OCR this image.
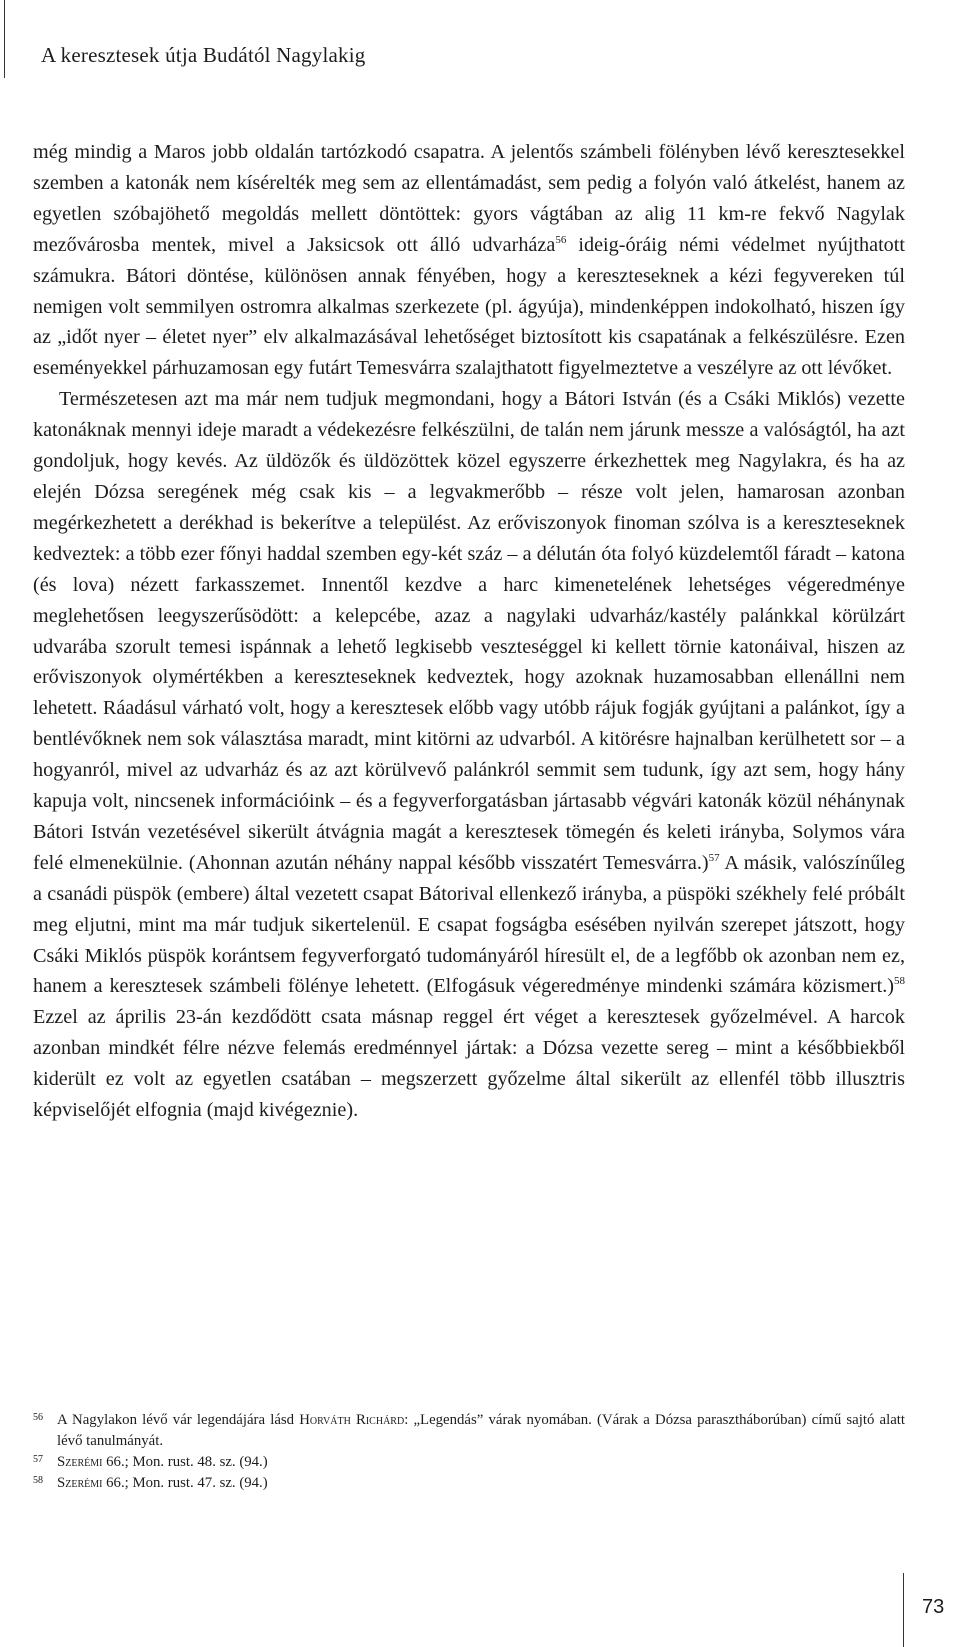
A keresztesek útja Budától Nagylakig

még mindig a Maros jobb oldalán tartózkodó csapatra. A jelentős számbeli fölényben lévő keresztesekkel szemben a katonák nem kísérelték meg sem az ellentámadást, sem pedig a folyón való átkelést, hanem az egyetlen szóbajöhető megoldás mellett döntöttek: gyors vágtában az alig 11 km-re fekvő Nagylak mezővárosba mentek, mivel a Jaksicsok ott álló udvarháza$^{56}$ ideig-óráig némi védelmet nyújthatott számukra. Bátori döntése, különösen annak fényében, hogy a kereszteseknek a kézi fegyvereken túl nemigen volt semmilyen ostromra alkalmas szerkezete (pl. ágyúja), mindenképpen indokolható, hiszen így az „időt nyer – életet nyer” elv alkalmazásával lehetőséget biztosított kis csapatának a felkészülésre. Ezen eseményekkel párhuzamosan egy futárt Temesvárra szalajthatott figyelmeztetve a veszélyre az ott lévőket.

Természetesen azt ma már nem tudjuk megmondani, hogy a Bátori István (és a Csáki Miklós) vezette katonáknak mennyi ideje maradt a védekezésre felkészülni, de talán nem járunk messze a valóságtól, ha azt gondoljuk, hogy kevés. Az üldözők és üldözöttek közel egyszerre érkezhettek meg Nagylakra, és ha az elején Dózsa seregének még csak kis – a legvakmerőbb – része volt jelen, hamarosan azonban megérkezhetett a derékhad is bekerítve a települést. Az erőviszonyok finoman szólva is a kereszteseknek kedveztek: a több ezer főnyi haddal szemben egy-két száz – a délután óta folyó küzdelemtől fáradt – katona (és lova) nézett farkasszemet. Innentől kezdve a harc kimenetelének lehetséges végeredménye meglehetősen leegyszerűsödött: a kelepcébe, azaz a nagylaki udvarház/kastély palánkkal körülzárt udvarába szorult temesi ispánnak a lehető legkisebb veszteséggel ki kellett törnie katonáival, hiszen az erőviszonyok olymértékben a kereszteseknek kedveztek, hogy azoknak huzamosabban ellenállni nem lehetett. Ráadásul várható volt, hogy a keresztesek előbb vagy utóbb rájuk fogják gyújtani a palánkot, így a bentlévőknek nem sok választása maradt, mint kitörni az udvarból. A kitörésre hajnalban kerülhetett sor – a hogyanról, mivel az udvarház és az azt körülvevő palánkról semmit sem tudunk, így azt sem, hogy hány kapuja volt, nincsenek információink – és a fegyverforgatásban jártasabb végvári katonák közül néhánynak Bátori István vezetésével sikerült átvágnia magát a keresztesek tömegén és keleti irányba, Solymos vára felé elmenekülnie. (Ahonnan azután néhány nappal később visszatért Temesvárra.)$^{57}$ A másik, valószínűleg a csanádi püspök (embere) által vezetett csapat Bátorival ellenkező irányba, a püspöki székhely felé próbált meg eljutni, mint ma már tudjuk sikertelenül. E csapat fogságba esésében nyilván szerepet játszott, hogy Csáki Miklós püspök korántsem fegyverforgató tudományáról híresült el, de a legfőbb ok azonban nem ez, hanem a keresztesek számbeli fölénye lehetett. (Elfogásuk végeredménye mindenki számára közismert.)$^{58}$ Ezzel az április 23-án kezdődött csata másnap reggel ért véget a keresztesek győzelmével. A harcok azonban mindkét félre nézve felemás eredménnyel jártak: a Dózsa vezette sereg – mint a későbbiekből kiderült ez volt az egyetlen csatában – megszerzett győzelme által sikerült az ellenfél több illusztris képviselőjét elfognia (majd kivégeznie).

56 A Nagylakon lévő vár legendájára lásd Horváth Richárd: „Legendás” várak nyomában. (Várak a Dózsa parasztháborúban) című sajtó alatt lévő tanulmányát.
57 Szerémi 66.; Mon. rust. 48. sz. (94.)
58 Szerémi 66.; Mon. rust. 47. sz. (94.)
73
